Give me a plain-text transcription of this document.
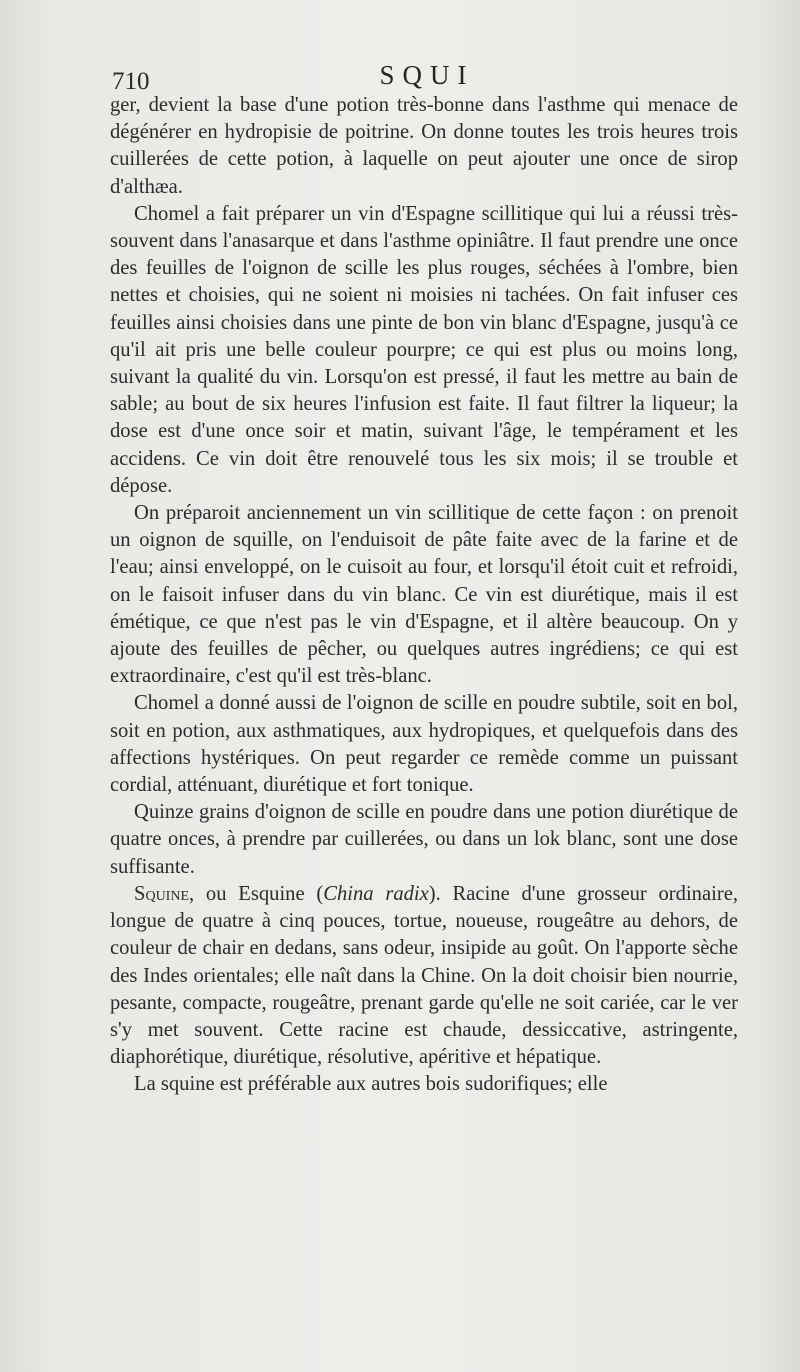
710	SQUI

ger, devient la base d'une potion très-bonne dans l'asthme qui menace de dégénérer en hydropisie de poitrine. On donne toutes les trois heures trois cuillerées de cette potion, à laquelle on peut ajouter une once de sirop d'althæa.

Chomel a fait préparer un vin d'Espagne scillitique qui lui a réussi très-souvent dans l'anasarque et dans l'asthme opiniâtre. Il faut prendre une once des feuilles de l'oignon de scille les plus rouges, séchées à l'ombre, bien nettes et choisies, qui ne soient ni moisies ni tachées. On fait infuser ces feuilles ainsi choisies dans une pinte de bon vin blanc d'Espagne, jusqu'à ce qu'il ait pris une belle couleur pourpre; ce qui est plus ou moins long, suivant la qualité du vin. Lorsqu'on est pressé, il faut les mettre au bain de sable; au bout de six heures l'infusion est faite. Il faut filtrer la liqueur; la dose est d'une once soir et matin, suivant l'âge, le tempérament et les accidens. Ce vin doit être renouvelé tous les six mois; il se trouble et dépose.

On préparoit anciennement un vin scillitique de cette façon : on prenoit un oignon de squille, on l'enduisoit de pâte faite avec de la farine et de l'eau; ainsi enveloppé, on le cuisoit au four, et lorsqu'il étoit cuit et refroidi, on le faisoit infuser dans du vin blanc. Ce vin est diurétique, mais il est émétique, ce que n'est pas le vin d'Espagne, et il altère beaucoup. On y ajoute des feuilles de pêcher, ou quelques autres ingrédiens; ce qui est extraordinaire, c'est qu'il est très-blanc.

Chomel a donné aussi de l'oignon de scille en poudre subtile, soit en bol, soit en potion, aux asthmatiques, aux hydropiques, et quelquefois dans des affections hystériques. On peut regarder ce remède comme un puissant cordial, atténuant, diurétique et fort tonique.

Quinze grains d'oignon de scille en poudre dans une potion diurétique de quatre onces, à prendre par cuillerées, ou dans un lok blanc, sont une dose suffisante.

Squine, ou Esquine (China radix). Racine d'une grosseur ordinaire, longue de quatre à cinq pouces, tortue, noueuse, rougeâtre au dehors, de couleur de chair en dedans, sans odeur, insipide au goût. On l'apporte sèche des Indes orientales; elle naît dans la Chine. On la doit choisir bien nourrie, pesante, compacte, rougeâtre, prenant garde qu'elle ne soit cariée, car le ver s'y met souvent. Cette racine est chaude, dessiccative, astringente, diaphorétique, diurétique, résolutive, apéritive et hépatique.

La squine est préférable aux autres bois sudorifiques; elle
